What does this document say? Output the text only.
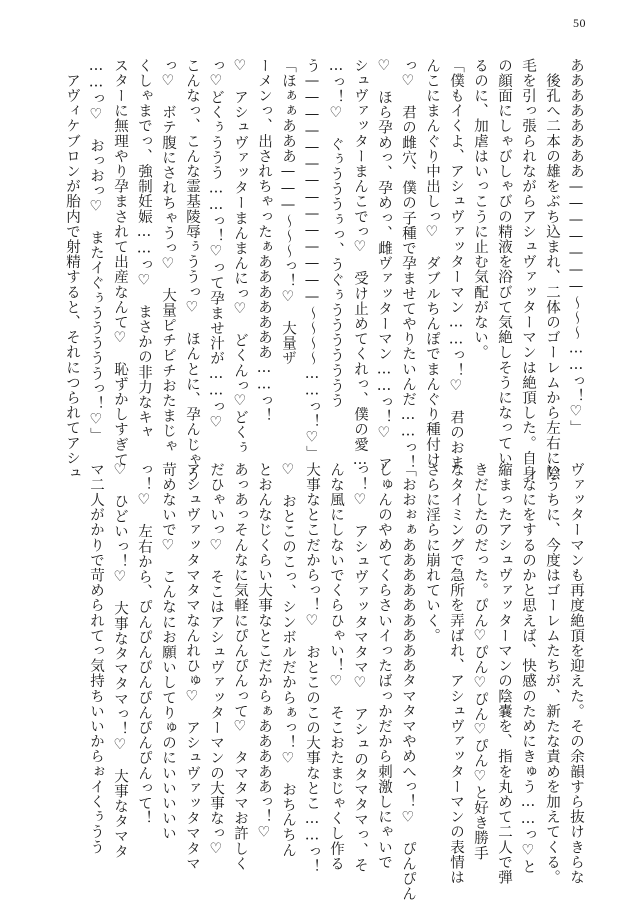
50
ああああああああ———————～～～……っ！♡」
　後孔へ二本の雄をぶち込まれ、二体のゴーレムから左右に陰
毛を引っ張られながらアシュヴァッターマンは絶頂した。自身
の顔面にしゃびしゃびの精液を浴びて気絶しそうになってい
るのに、加虐はいっこうに止む気配がない。
「僕もイくよ、アシュヴァッターマン……っ！♡　君のおま
んこにまんぐり中出しっ♡　ダブルちんぽでまんぐり種付け
っ♡　君の雌穴、僕の子種で孕ませてやりたいんだ……っ！
♡　ほら孕めっ、孕めっ、雌ヴァッターマン……っ！♡　ア
シュヴァッターまんこでっ♡　受け止めてくれっ、僕の愛…
…っ！♡　ぐぅうううぅっ、うぐぅううううううう
う——————————————～～～～……っ！♡」
「ほぁぁあああ———～～～っ！♡　大量ザ
ーメンっ、出されちゃったぁあああああああ……っ！
♡　アシュヴァッターまんまんにっ♡　どくんっ♡どくぅ
っ♡どくぅううう……っ！♡って孕ませ汁が……っ♡
こんなっ、こんな霊基陵辱ぅううっ♡　ほんとに、孕んじゃう
っ♡　ボテ腹にされちゃうっ♡　大量ピチピチおたまじゃ
くしゃまでっ、強制妊娠……っ♡　まさかの非力なキャ
スターに無理やり孕まされて出産なんて♡　恥ずかしすぎて
……っ♡　おっおっ♡　またイぐぅうううううっ！♡」
　アヴィケブロンが胎内で射精すると、それにつられてアシュ
ヴァッターマンも再度絶頂を迎えた。その余韻すら抜けきらな
いうちに、今度はゴーレムたちが、新たな責めを加えてくる。
　なにをするのかと思えば、快感のためにきゅう……っ♡と
縮まったアシュヴァッターマンの陰嚢を、指を丸めて二人で弾
きだしたのだった。ぴん♡ぴん♡ぴん♡ぴん♡と好き勝手
なタイミングで急所を弄ばれ、アシュヴァッターマンの表情は
さらに淫らに崩れていく。
「おおぉぁあああああああああタマタマやめへっ！♡　ぴんぴん
しゅんのやめてくらさいイったばっかだから刺激しにゃいで
っ！♡　アシュヴァッタマタマ♡　アシュのタマタマっ、そ
んな風にしないでくらひゃい！♡　そこおたまじゃくし作る
大事なとこだからっ！♡　おとこのこの大事なとこ……っ！
♡　おとこのこっ、シンボルだからぁっ！♡　おちんちん
とおんなじくらい大事なとこだからぁあああああっ！♡
あっあっそんなに気軽にぴんぴんって♡　タマタマお許しく
だひゃいっ♡　そこはアシュヴァッターマンの大事なっ♡
アシュヴァッタマタマなんれひゅ♡　アシュヴァッタマタマ
苛めないで♡　こんなにお願いしてりゅのにいいいいい
っ！♡　左右から、ぴんぴんぴんぴんぴんぴんって！
♡　ひどいっ！♡　大事なタマタマっ！♡　大事なタマタ
マ二人がかりで苛められてっ気持ちいいからぉイくぅうう
